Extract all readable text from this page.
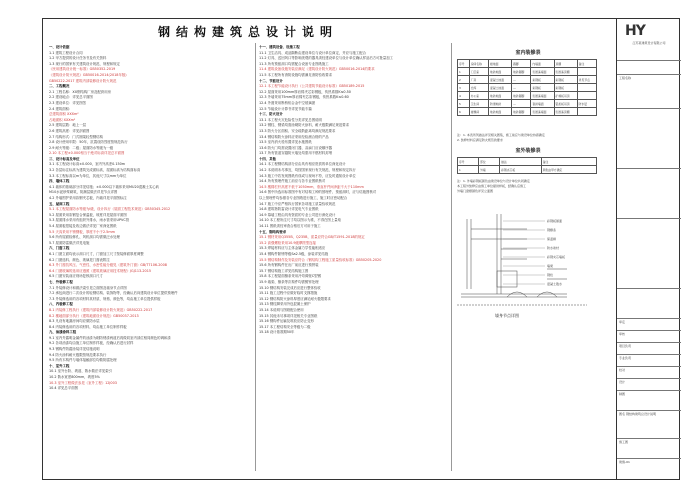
钢结构建筑总设计说明
一、设计依据
1.1 建筑工程设计合同
1.2 甲方提供的设计任务书及有关资料
1.3 现行的国家有关建筑设计规范、规程和规定
《民用建筑设计统一标准》GB50352-2019
《建筑设计防火规范》GB50016-2014(2018年版)
GB50222-2017 建筑内部装修设计防火规范
二、工程概况
2.1 工程名称：XX钢结构厂房及配套用房
2.2 建设地点：详见总平面图
2.3 建设单位：详见图签
2.4 建筑面积：
总建筑面积 XXXm²
占地面积 XXXm²
2.5 建筑层数：地上一层
2.6 建筑高度：详见剖面图
2.7 结构形式：门式刚架轻型钢结构
2.8 设计使用年限：50年，抗震设防烈度按规范执行
2.9 耐火等级：二级；屋面防水等级为一级
2.10 本工程±0.000相当于绝对标高详见总平面图
三、设计标高及单位
3.1 本工程设计标高±0.000，室内外高差0.150m
3.2 各层标注标高为建筑完成面标高，屋面标高为结构面标高
3.3 本工程标高以m为单位，其他尺寸以mm为单位
四、墙体工程
4.1 墙体的基础部分详见结施；±0.000以下墙体采用MU20混凝土实心砖
M10水泥砂浆砌筑，防潮层做法详见节点详图
4.2 外墙围护采用彩钢夹芯板，内墙详见平面图标注
五、屋面工程
5.1 本工程屋面防水等级为I级，设计执行《屋面工程技术规范》GB50345-2012
5.2 屋面采用彩钢复合保温板，坡度详见屋面平面图
5.3 屋面排水采用有组织外排水，雨水管采用UPVC管
5.4 屋面板搭接及收边做法详见厂家深化图纸
5.5 天沟采用不锈钢板，厚度不小于2.5mm
5.6 所有屋面检修孔、风机洞口均需做泛水处理
5.7 屋面防雷做法详见电施
六、门窗工程
6.1 门窗立面均表示洞口尺寸，门窗加工尺寸按装修面厚度调整
6.2 门窗选料、颜色、玻璃见门窗表附注
6.3 外门窗抗风压、气密性、水密性能分级见《建筑外门窗》GB/T7106-2008
6.4 门窗玻璃的选用应遵照《建筑玻璃应用技术规程》JGJ113-2015
6.5 门窗安装前应现场复核洞口尺寸
七、外装修工程
7.1 外装修设计和做法索引见立面图及墙身节点详图
7.2 承包商进行二次设计的轻钢结构、装饰物等，经确认后向建筑设计单位提供预埋件
7.3 外装修选用的各项材料其材质、规格、颜色等，均由施工单位提供样板
八、内装修工程
8.1 内装修工程执行《建筑内部装修设计防火规范》GB50222-2017
8.2 楼地面部分执行《建筑地面设计规范》GB50037-2013
8.3 凡设有地漏房间均应做防水层
8.4 内装修选用的各项材料，均由施工单位制作样板
九、油漆涂料工程
9.1 室内外露明金属件的油漆为刷防锈漆两道后再做同室内部位相同颜色的调和漆
9.2 各项油漆均由施工单位制作样板，经确认后进行封样
9.3 钢构件防腐涂装详见结施说明
9.4 防火涂料耐火极限按规范要求执行
9.5 所有木构件与墙体接触部位均做防腐处理
十、室外工程
10.1 室外台阶、坡道、散水做法详见索引
10.2 散水宽度800mm，坡度5%
10.3 室外工程做法参见《室外工程》12J003
10.4 详见总平面图
十一、建筑设备、设施工程
11.1 卫生洁具、成品隔断由建设单位与设计单位商定，并应与施工配合
11.2 灯具、送回风口等影响美观的器具须经建设单位与设计单位确认样品后方可批量加工
11.3 所有预留洞口均需配合设备专业图纸施工
11.4 建筑设备设施安装应满足《建筑设计防火规范》GB50016-2014的要求
11.5 本工程所有消防设施均需满足消防验收要求
十二、节能设计
12.1 本工程节能设计执行《公共建筑节能设计标准》GB50189-2015
12.2 屋面采用100mm厚岩棉夹芯彩钢板，传热系数K≤0.50
12.3 外墙采用75mm厚岩棉夹芯彩钢板，传热系数K≤0.60
12.4 外窗采用断桥铝合金中空玻璃窗
12.5 节能设计计算书详见节能专篇
十三、防火设计
13.1 本工程火灾危险性分类详见总图说明
13.2 钢柱、钢梁均需涂刷防火涂料，耐火极限满足规范要求
13.3 防火分区面积、安全疏散距离均满足规范要求
13.4 钢结构防火涂料应采用经检测合格的产品
13.5 室内消火栓布置详见水施图纸
13.6 防火门均需设置闭门器，双扇门应设顺序器
13.7 所有管道穿越防火墙处均需用不燃材料封堵
十四、其他
14.1 本工程钢结构部分应由具有相应资质的单位深化设计
14.2 本说明未尽事宜，均按国家现行有关规范、规程和规定执行
14.3 施工中若发现图纸有误或与现场不符，应及时通知设计单位
14.4 所有预埋件施工前应与各专业图纸核对
14.5 楼梯栏杆高度不低于1050mm，垂直杆件间净距不大于110mm
14.6 图中所选用标准图中有对结构工种的预埋件、预留洞时，应与结施图核对
以上预埋件均参照各专业图纸进行施工，施工时应密切配合
14.7 施工中应严格执行国家各项施工质量验收规范
14.8 建筑物防雷设计详见电气专业图纸
14.9 幕墙工程由具有资质的专业公司进行深化设计
14.10 本工程所注尺寸均以图示为准，不得在图上量取
14.11 图纸须经审查合格后方可用于施工
十五、钢结构要求
15.1 钢材采用Q355B、Q235B，质量应符合GB/T1591-2018的规定
15.2 高强螺栓采用10.9级摩擦型连接
15.3 焊接材料应与主体金属力学性能相适应
15.4 钢构件除锈等级Sa2.5级，涂装详见结施
15.5 钢结构制作及安装应符合《钢结构工程施工质量验收标准》GB50205-2020
15.6 所有钢构件在出厂前应进行预拼装
15.7 钢结构施工详见结构施工图
15.8 本工程屋面檩条采用冷弯薄壁C型钢
15.9 墙梁、檩条等次构件均需镀锌处理
15.10 钢结构安装完成后应进行整体验收
15.11 施工过程中应做好临时支撑措施
15.12 钢结构防火涂料厚度应满足耐火极限要求
15.13 钢柱脚采用外包混凝土保护
15.14 本说明与图纸配合使用
15.15 其他未尽事项详见相关专业图纸
15.16 钢构件运输及堆放应防止变形
15.17 本工程结构安全等级为二级
15.18 设计基准期50年
室内装修表
序号	房间名称	楼地面	踢脚	内墙面	顶棚	备注
1	门卫室	地砖地面	地砖踢脚	乳胶漆墙面	乳胶漆顶棚	
2	厂房	混凝土地面	—	彩钢板	彩钢板	详见节点
3	仓库	混凝土地面	—	彩钢板	彩钢板	
4	办公室	地砖地面	地砖踢脚	乳胶漆墙面	矿棉板吊顶	
5	卫生间	防滑地砖	—	瓷砖墙面	铝扣板吊顶	防水层
6	楼梯间	地砖地面	地砖踢脚	乳胶漆墙面	乳胶漆顶棚	
注：1. 本表所列做法详见相关图集，施工前应与建设单位协商确定
2. 装修材料应满足防火规范的要求
室外装修表
序号	部位	做法	备注
1	外墙	彩钢夹芯板	颜色由甲方确定
注：1. 外墙彩钢板颜色由建设单位与设计单位共同确定
本工程外装修应由施工单位提供样板，经确认后施工
外墙门窗框颜色详见立面图
彩钢板屋面
钢檩条
保温棉
防水卷材
彩钢夹芯墙板
墙梁
钢柱
混凝土散水
墙身节点详图
HY
江苏某建筑设计有限公司
工程名称
审定
审核
项目负责
专业负责
校对
设计
制图
图名 钢结构建筑总设计说明
施工图
建施-01
